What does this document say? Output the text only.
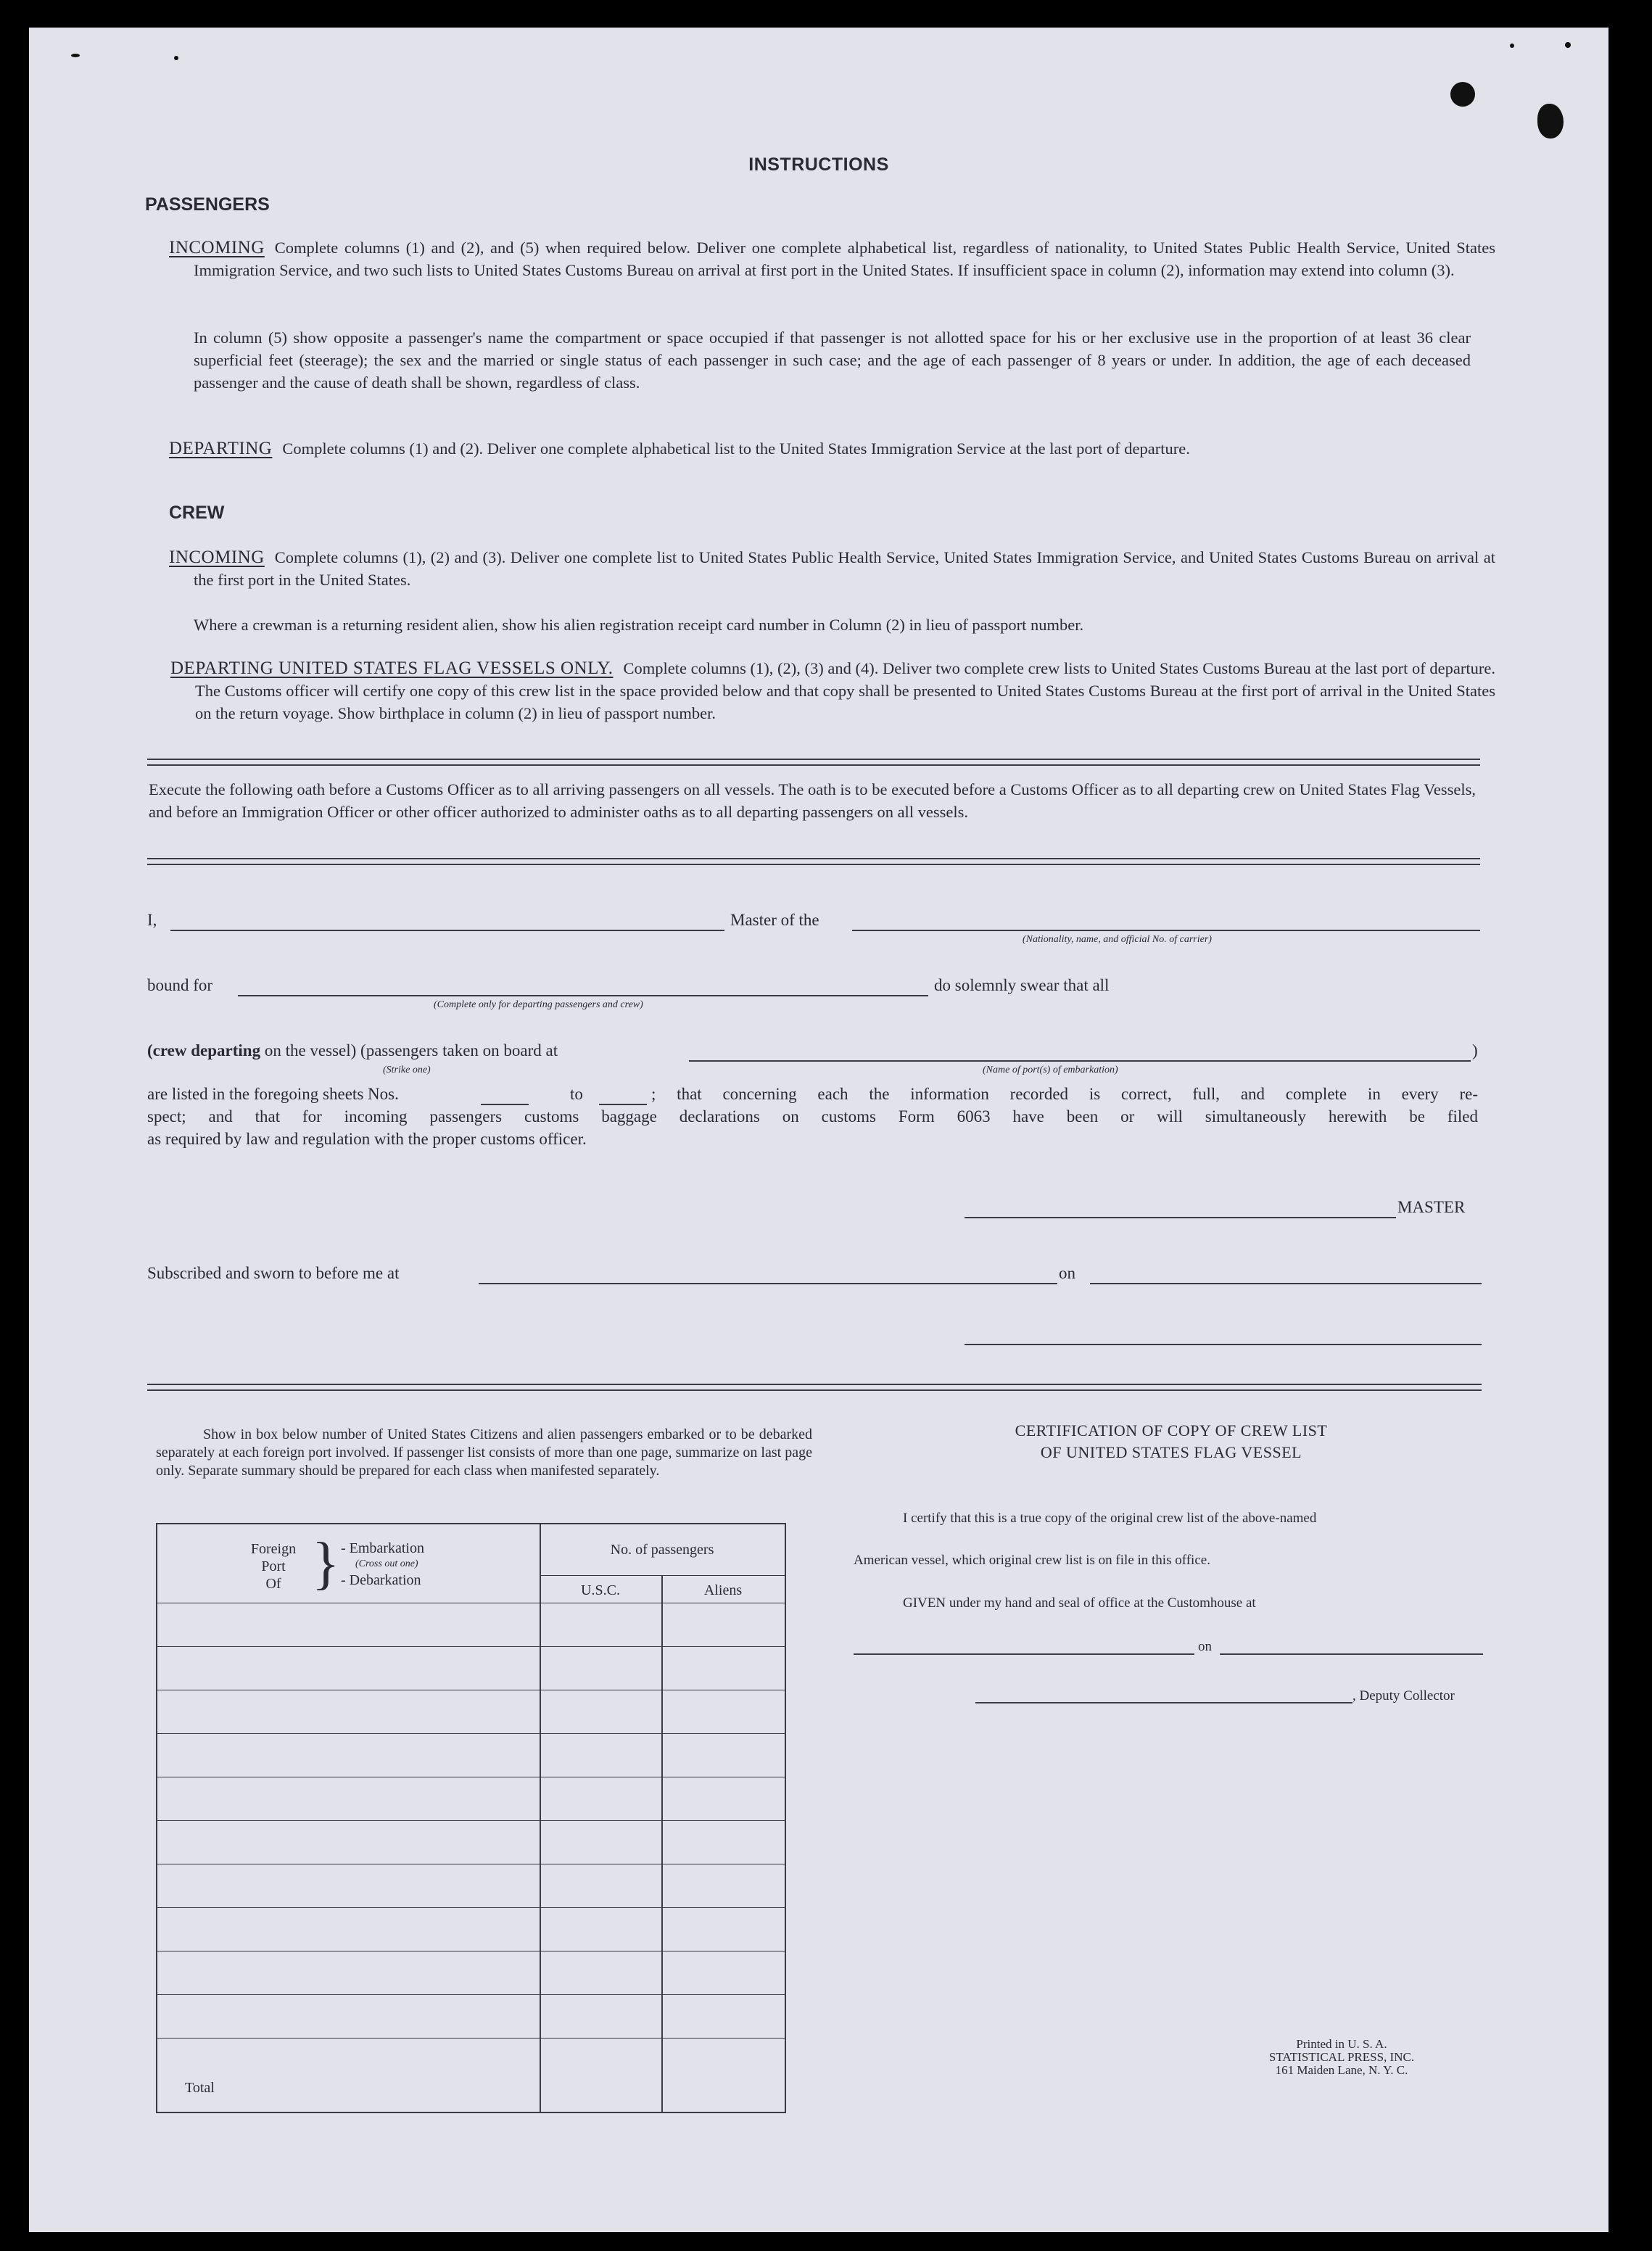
INSTRUCTIONS
PASSENGERS
INCOMING Complete columns (1) and (2), and (5) when required below. Deliver one complete alphabetical list, regardless of nationality, to United States Public Health Service, United States Immigration Service, and two such lists to United States Customs Bureau on arrival at first port in the United States. If insufficient space in column (2), information may extend into column (3).
In column (5) show opposite a passenger's name the compartment or space occupied if that passenger is not allotted space for his or her exclusive use in the proportion of at least 36 clear superficial feet (steerage); the sex and the married or single status of each passenger in such case; and the age of each passenger of 8 years or under. In addition, the age of each deceased passenger and the cause of death shall be shown, regardless of class.
DEPARTING Complete columns (1) and (2). Deliver one complete alphabetical list to the United States Immigration Service at the last port of departure.
CREW
INCOMING Complete columns (1), (2) and (3). Deliver one complete list to United States Public Health Service, United States Immigration Service, and United States Customs Bureau on arrival at the first port in the United States.
Where a crewman is a returning resident alien, show his alien registration receipt card number in Column (2) in lieu of passport number.
DEPARTING UNITED STATES FLAG VESSELS ONLY. Complete columns (1), (2), (3) and (4). Deliver two complete crew lists to United States Customs Bureau at the last port of departure. The Customs officer will certify one copy of this crew list in the space provided below and that copy shall be presented to United States Customs Bureau at the first port of arrival in the United States on the return voyage. Show birthplace in column (2) in lieu of passport number.
Execute the following oath before a Customs Officer as to all arriving passengers on all vessels. The oath is to be executed before a Customs Officer as to all departing crew on United States Flag Vessels, and before an Immigration Officer or other officer authorized to administer oaths as to all departing passengers on all vessels.
I,	Master of the
(Nationality, name, and official No. of carrier)
bound for
(Complete only for departing passengers and crew)
do solemnly swear that all
(crew departing on the vessel) (passengers taken on board at	)
(Strike one)	(Name of port(s) of embarkation)
are listed in the foregoing sheets Nos.	to	; that concerning each the information recorded is correct, full, and complete in every re-
spect; and that for incoming passengers customs baggage declarations on customs Form 6063 have been or will simultaneously herewith be filed
as required by law and regulation with the proper customs officer.
MASTER
Subscribed and sworn to before me at	on
Show in box below number of United States Citizens and alien passengers embarked or to be debarked separately at each foreign port involved. If passenger list consists of more than one page, summarize on last page only. Separate summary should be prepared for each class when manifested separately.
Foreign
Port
Of } - Embarkation
(Cross out one)
- Debarkation
No. of passengers
U.S.C.	Aliens
Total
CERTIFICATION OF COPY OF CREW LIST
OF UNITED STATES FLAG VESSEL
I certify that this is a true copy of the original crew list of the above-named
American vessel, which original crew list is on file in this office.
GIVEN under my hand and seal of office at the Customhouse at
on
, Deputy Collector
Printed in U. S. A.
STATISTICAL PRESS, INC.
161 Maiden Lane, N. Y. C.
